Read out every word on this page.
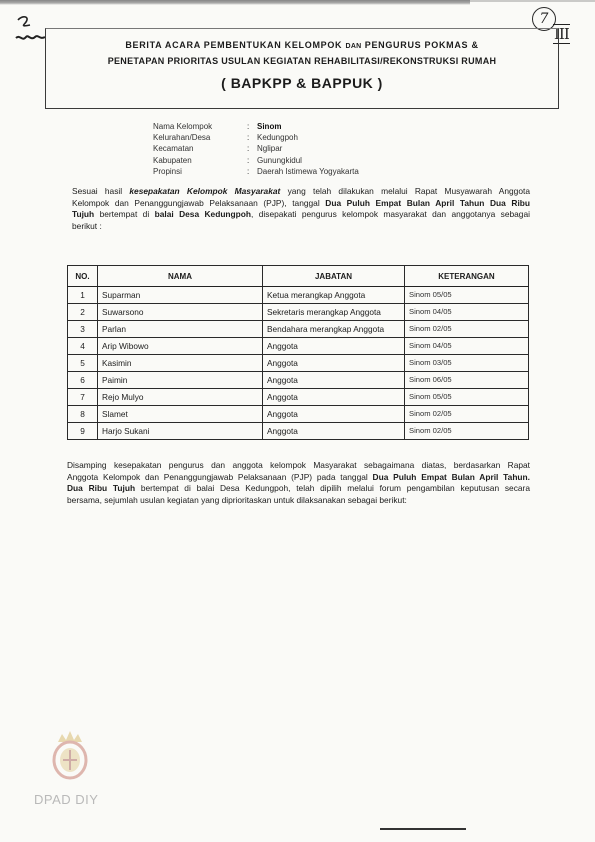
7
III
BERITA ACARA PEMBENTUKAN KELOMPOK DAN PENGURUS POKMAS &
PENETAPAN PRIORITAS USULAN KEGIATAN REHABILITASI/REKONSTRUKSI RUMAH
( BAPKPP & BAPPUK )
Nama Kelompok	: Sinom
Kelurahan/Desa	: Kedungpoh
Kecamatan	: Nglipar
Kabupaten	: Gunungkidul
Propinsi	: Daerah Istimewa Yogyakarta
Sesuai hasil kesepakatan Kelompok Masyarakat yang telah dilakukan melalui Rapat Musyawarah Anggota
Kelompok dan Penanggungjawab Pelaksanaan (PJP), tanggal Dua Puluh Empat Bulan April Tahun Dua Ribu
Tujuh bertempat di balai Desa Kedungpoh, disepakati pengurus kelompok masyarakat dan anggotanya sebagai
berikut :
NO.	NAMA	JABATAN	KETERANGAN
1	Suparman	Ketua merangkap Anggota	Sinom 05/05
2	Suwarsono	Sekretaris merangkap Anggota	Sinom 04/05
3	Parlan	Bendahara merangkap Anggota	Sinom 02/05
4	Arip Wibowo	Anggota	Sinom 04/05
5	Kasimin	Anggota	Sinom 03/05
6	Paimin	Anggota	Sinom 06/05
7	Rejo Mulyo	Anggota	Sinom 05/05
8	Slamet	Anggota	Sinom 02/05
9	Harjo Sukani	Anggota	Sinom 02/05
Disamping kesepakatan pengurus dan anggota kelompok Masyarakat sebagaimana diatas, berdasarkan Rapat
Anggota Kelompok dan Penanggungjawab Pelaksanaan (PJP) pada tanggal Dua Puluh Empat Bulan April Tahun.
Dua Ribu Tujuh bertempat di balai Desa Kedungpoh, telah dipilih melalui forum pengambilan keputusan secara
bersama, sejumlah usulan kegiatan yang diprioritaskan untuk dilaksanakan sebagai berikut:
DPAD DIY
